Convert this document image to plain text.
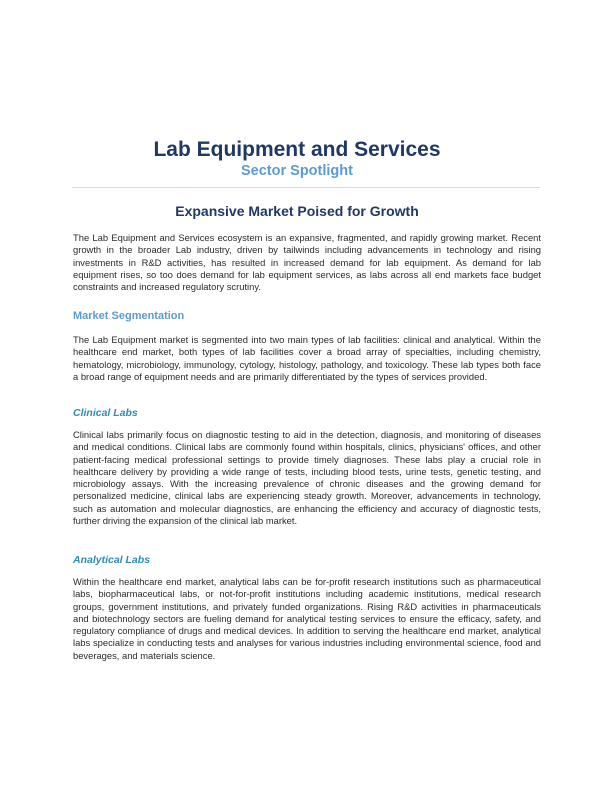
Lab Equipment and Services
Sector Spotlight
Expansive Market Poised for Growth

The Lab Equipment and Services ecosystem is an expansive, fragmented, and rapidly growing market. Recent growth in the broader Lab industry, driven by tailwinds including advancements in technology and rising investments in R&D activities, has resulted in increased demand for lab equipment. As demand for lab equipment rises, so too does demand for lab equipment services, as labs across all end markets face budget constraints and increased regulatory scrutiny.

Market Segmentation

The Lab Equipment market is segmented into two main types of lab facilities: clinical and analytical. Within the healthcare end market, both types of lab facilities cover a broad array of specialties, including chemistry, hematology, microbiology, immunology, cytology, histology, pathology, and toxicology. These lab types both face a broad range of equipment needs and are primarily differentiated by the types of services provided.

Clinical Labs

Clinical labs primarily focus on diagnostic testing to aid in the detection, diagnosis, and monitoring of diseases and medical conditions. Clinical labs are commonly found within hospitals, clinics, physicians' offices, and other patient-facing medical professional settings to provide timely diagnoses. These labs play a crucial role in healthcare delivery by providing a wide range of tests, including blood tests, urine tests, genetic testing, and microbiology assays. With the increasing prevalence of chronic diseases and the growing demand for personalized medicine, clinical labs are experiencing steady growth. Moreover, advancements in technology, such as automation and molecular diagnostics, are enhancing the efficiency and accuracy of diagnostic tests, further driving the expansion of the clinical lab market.

Analytical Labs

Within the healthcare end market, analytical labs can be for-profit research institutions such as pharmaceutical labs, biopharmaceutical labs, or not-for-profit institutions including academic institutions, medical research groups, government institutions, and privately funded organizations. Rising R&D activities in pharmaceuticals and biotechnology sectors are fueling demand for analytical testing services to ensure the efficacy, safety, and regulatory compliance of drugs and medical devices. In addition to serving the healthcare end market, analytical labs specialize in conducting tests and analyses for various industries including environmental science, food and beverages, and materials science.
